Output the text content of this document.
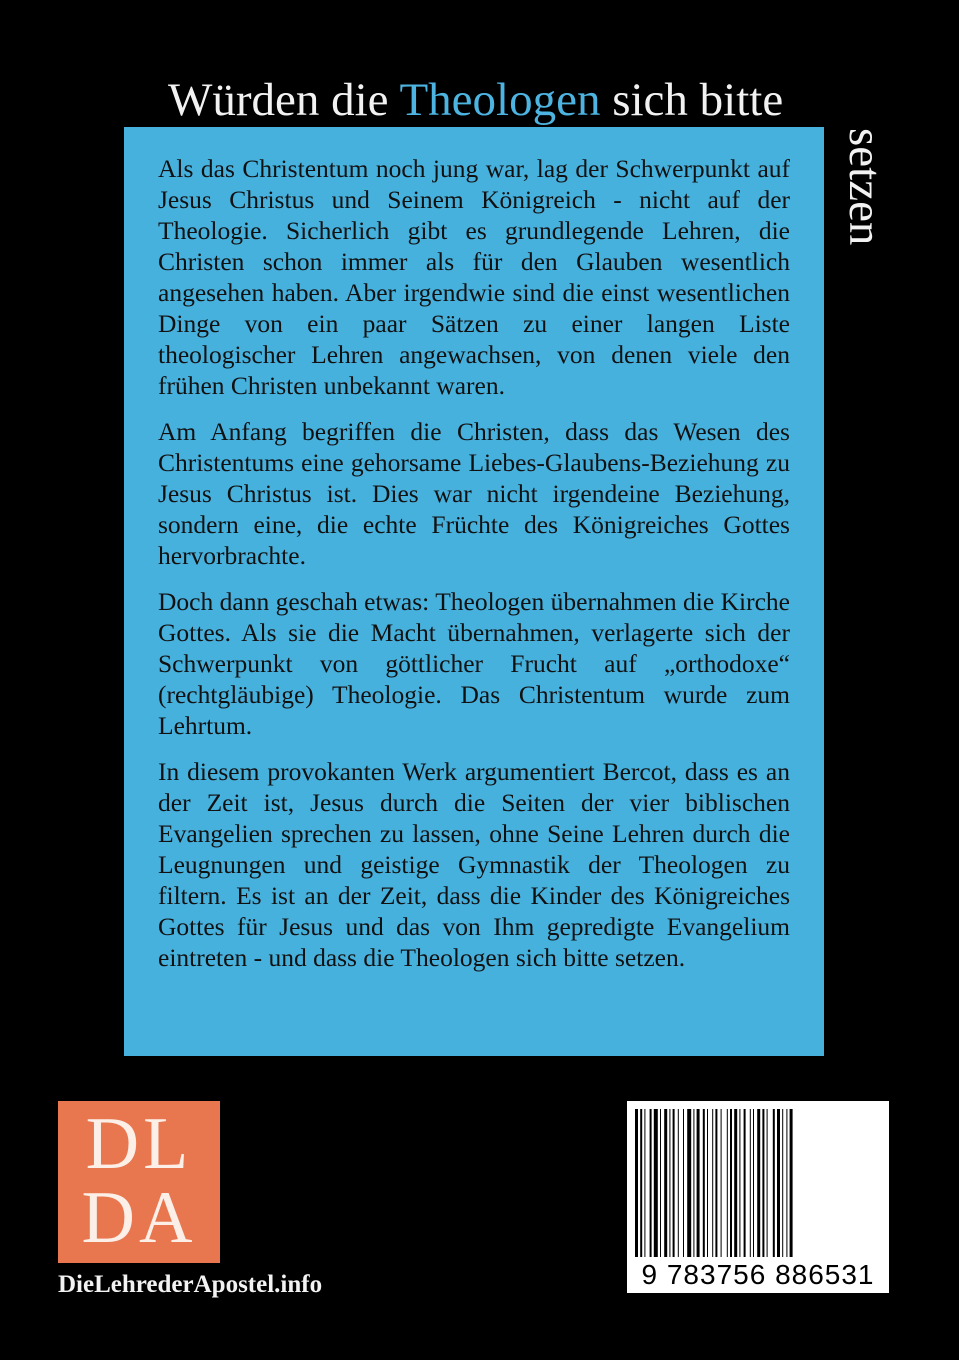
Würden die Theologen sich bitte
setzen

Als das Christentum noch jung war, lag der Schwerpunkt auf Jesus Christus und Seinem Königreich - nicht auf der Theologie. Sicherlich gibt es grundlegende Lehren, die Christen schon immer als für den Glauben wesentlich angesehen haben. Aber irgendwie sind die einst wesentlichen Dinge von ein paar Sätzen zu einer langen Liste theologischer Lehren angewachsen, von denen viele den frühen Christen unbekannt waren.

Am Anfang begriffen die Christen, dass das Wesen des Christentums eine gehorsame Liebes-Glaubens-Beziehung zu Jesus Christus ist. Dies war nicht irgendeine Beziehung, sondern eine, die echte Früchte des Königreiches Gottes hervorbrachte.

Doch dann geschah etwas: Theologen übernahmen die Kirche Gottes. Als sie die Macht übernahmen, verlagerte sich der Schwerpunkt von göttlicher Frucht auf „orthodoxe“ (rechtgläubige) Theologie. Das Christentum wurde zum Lehrtum.

In diesem provokanten Werk argumentiert Bercot, dass es an der Zeit ist, Jesus durch die Seiten der vier biblischen Evangelien sprechen zu lassen, ohne Seine Lehren durch die Leugnungen und geistige Gymnastik der Theologen zu filtern. Es ist an der Zeit, dass die Kinder des Königreiches Gottes für Jesus und das von Ihm gepredigte Evangelium eintreten - und dass die Theologen sich bitte setzen.

DL
DA
DieLehrederApostel.info	9 783756 886531
